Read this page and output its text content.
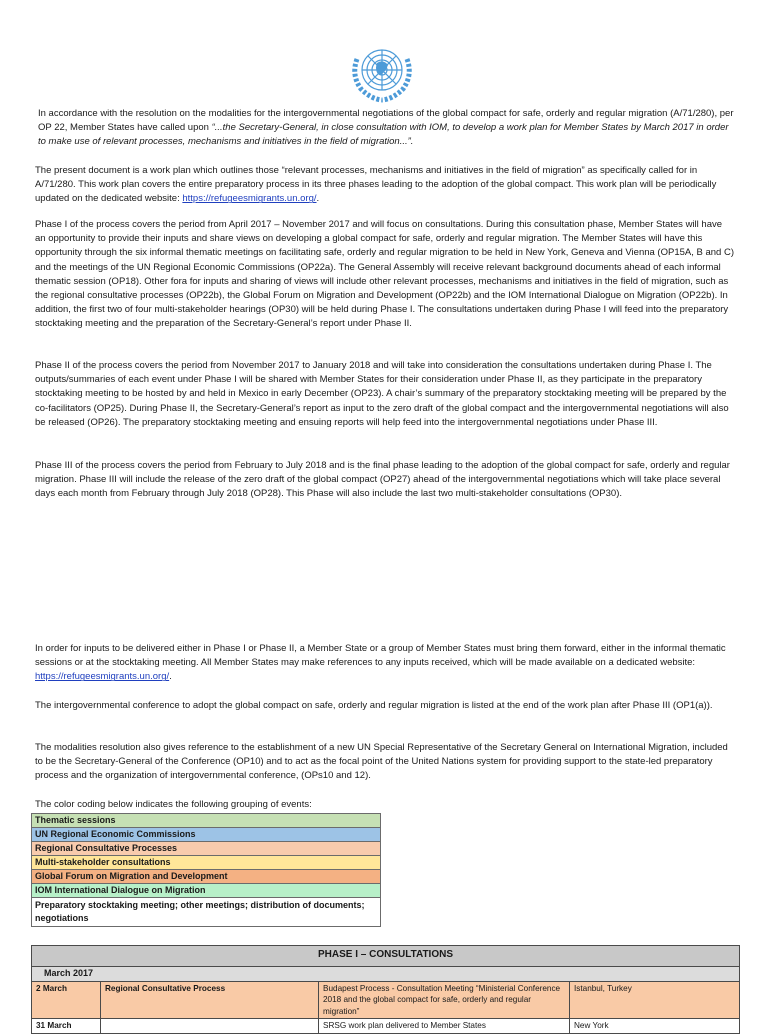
In accordance with the resolution on the modalities for the intergovernmental negotiations of the global compact for safe, orderly and regular migration (A/71/280), per OP 22, Member States have called upon “...the Secretary-General, in close consultation with IOM, to develop a work plan for Member States by March 2017 in order to make use of relevant processes, mechanisms and initiatives in the field of migration...”.

The present document is a work plan which outlines those “relevant processes, mechanisms and initiatives in the field of migration” as specifically called for in A/71/280. This work plan covers the entire preparatory process in its three phases leading to the adoption of the global compact. This work plan will be periodically updated on the dedicated website: https://refugeesmigrants.un.org/.

Phase I of the process covers the period from April 2017 – November 2017 and will focus on consultations. During this consultation phase, Member States will have an opportunity to provide their inputs and share views on developing a global compact for safe, orderly and regular migration. The Member States will have this opportunity through the six informal thematic meetings on facilitating safe, orderly and regular migration to be held in New York, Geneva and Vienna (OP15A, B and C) and the meetings of the UN Regional Economic Commissions (OP22a). The General Assembly will receive relevant background documents ahead of each informal thematic session (OP18). Other fora for inputs and sharing of views will include other relevant processes, mechanisms and initiatives in the field of migration, such as the regional consultative processes (OP22b), the Global Forum on Migration and Development (OP22b) and the IOM International Dialogue on Migration (OP22b). In addition, the first two of four multi-stakeholder hearings (OP30) will be held during Phase I. The consultations undertaken during Phase I will feed into the preparatory stocktaking meeting and the preparation of the Secretary-General’s report under Phase II.

Phase II of the process covers the period from November 2017 to January 2018 and will take into consideration the consultations undertaken during Phase I. The outputs/summaries of each event under Phase I will be shared with Member States for their consideration under Phase II, as they participate in the preparatory stocktaking meeting to be hosted by and held in Mexico in early December (OP23). A chair’s summary of the preparatory stocktaking meeting will be prepared by the co-facilitators (OP25). During Phase II, the Secretary-General’s report as input to the zero draft of the global compact and the intergovernmental negotiations will also be released (OP26). The preparatory stocktaking meeting and ensuing reports will help feed into the intergovernmental negotiations under Phase III.

Phase III of the process covers the period from February to July 2018 and is the final phase leading to the adoption of the global compact for safe, orderly and regular migration. Phase III will include the release of the zero draft of the global compact (OP27) ahead of the intergovernmental negotiations which will take place several days each month from February through July 2018 (OP28). This Phase will also include the last two multi-stakeholder consultations (OP30).

In order for inputs to be delivered either in Phase I or Phase II, a Member State or a group of Member States must bring them forward, either in the informal thematic sessions or at the stocktaking meeting. All Member States may make references to any inputs received, which will be made available on a dedicated website: https://refugeesmigrants.un.org/.

The intergovernmental conference to adopt the global compact on safe, orderly and regular migration is listed at the end of the work plan after Phase III (OP1(a)).

The modalities resolution also gives reference to the establishment of a new UN Special Representative of the Secretary General on International Migration, included to be the Secretary-General of the Conference (OP10) and to act as the focal point of the United Nations system for providing support to the state-led preparatory process and the organization of intergovernmental conference, (OPs10 and 12).

The color coding below indicates the following grouping of events:
Thematic sessions
UN Regional Economic Commissions
Regional Consultative Processes
Multi-stakeholder consultations
Global Forum on Migration and Development
IOM International Dialogue on Migration
Preparatory stocktaking meeting; other meetings; distribution of documents; negotiations
PHASE I – CONSULTATIONS			
March 2017			
2 March	Regional Consultative Process	Budapest Process - Consultation Meeting “Ministerial Conference 2018 and the global compact for safe, orderly and regular migration”	Istanbul, Turkey
31 March		SRSG work plan delivered to Member States	New York
